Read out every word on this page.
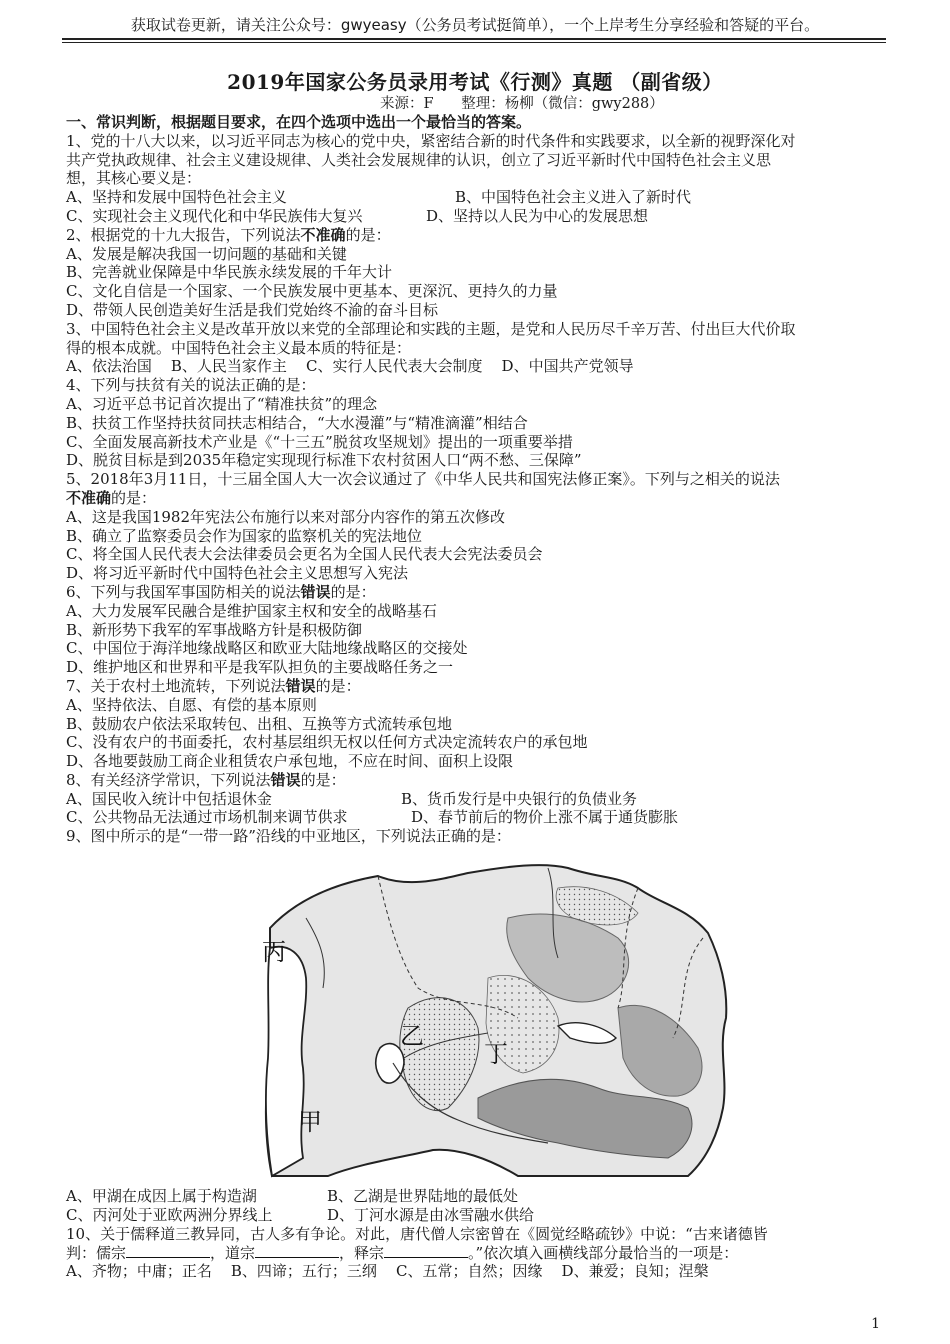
获取试卷更新，请关注公众号：gwyeasy（公务员考试挺简单），一个上岸考生分享经验和答疑的平台。
2019年国家公务员录用考试《行测》真题 （副省级）
来源：F      整理：杨柳（微信：gwy288）
一、常识判断，根据题目要求，在四个选项中选出一个最恰当的答案。
1、党的十八大以来，以习近平同志为核心的党中央，紧密结合新的时代条件和实践要求，以全新的视野深化对
共产党执政规律、社会主义建设规律、人类社会发展规律的认识，创立了习近平新时代中国特色社会主义思
想，其核心要义是：
A、坚持和发展中国特色社会主义	B、中国特色社会主义进入了新时代
C、实现社会主义现代化和中华民族伟大复兴	D、坚持以人民为中心的发展思想
2、根据党的十九大报告，下列说法不准确的是：
A、发展是解决我国一切问题的基础和关键
B、完善就业保障是中华民族永续发展的千年大计
C、文化自信是一个国家、一个民族发展中更基本、更深沉、更持久的力量
D、带领人民创造美好生活是我们党始终不渝的奋斗目标
3、中国特色社会主义是改革开放以来党的全部理论和实践的主题，是党和人民历尽千辛万苦、付出巨大代价取
得的根本成就。中国特色社会主义最本质的特征是：
A、依法治国    B、人民当家作主    C、实行人民代表大会制度    D、中国共产党领导
4、下列与扶贫有关的说法正确的是：
A、习近平总书记首次提出了“精准扶贫”的理念
B、扶贫工作坚持扶贫同扶志相结合，“大水漫灌”与“精准滴灌”相结合
C、全面发展高新技术产业是《“十三五”脱贫攻坚规划》提出的一项重要举措
D、脱贫目标是到2035年稳定实现现行标准下农村贫困人口“两不愁、三保障”
5、2018年3月11日，十三届全国人大一次会议通过了《中华人民共和国宪法修正案》。下列与之相关的说法
不准确的是：
A、这是我国1982年宪法公布施行以来对部分内容作的第五次修改
B、确立了监察委员会作为国家的监察机关的宪法地位
C、将全国人民代表大会法律委员会更名为全国人民代表大会宪法委员会
D、将习近平新时代中国特色社会主义思想写入宪法
6、下列与我国军事国防相关的说法错误的是：
A、大力发展军民融合是维护国家主权和安全的战略基石
B、新形势下我军的军事战略方针是积极防御
C、中国位于海洋地缘战略区和欧亚大陆地缘战略区的交接处
D、维护地区和世界和平是我军队担负的主要战略任务之一
7、关于农村土地流转，下列说法错误的是：
A、坚持依法、自愿、有偿的基本原则
B、鼓励农户依法采取转包、出租、互换等方式流转承包地
C、没有农户的书面委托，农村基层组织无权以任何方式决定流转农户的承包地
D、各地要鼓励工商企业租赁农户承包地，不应在时间、面积上设限
8、有关经济学常识，下列说法错误的是：
A、国民收入统计中包括退休金	B、货币发行是中央银行的负债业务
C、公共物品无法通过市场机制来调节供求	D、春节前后的物价上涨不属于通货膨胀
9、图中所示的是“一带一路”沿线的中亚地区，下列说法正确的是：
丙
乙
丁
甲
A、甲湖在成因上属于构造湖	B、乙湖是世界陆地的最低处
C、丙河处于亚欧两洲分界线上	D、丁河水源是由冰雪融水供给
10、关于儒释道三教异同，古人多有争论。对此，唐代僧人宗密曾在《圆觉经略疏钞》中说：“古来诸德皆
判：儒宗	，道宗	，释宗	。”依次填入画横线部分最恰当的一项是：
A、齐物；中庸；正名    B、四谛；五行；三纲    C、五常；自然；因缘    D、兼爱；良知；涅槃
1
